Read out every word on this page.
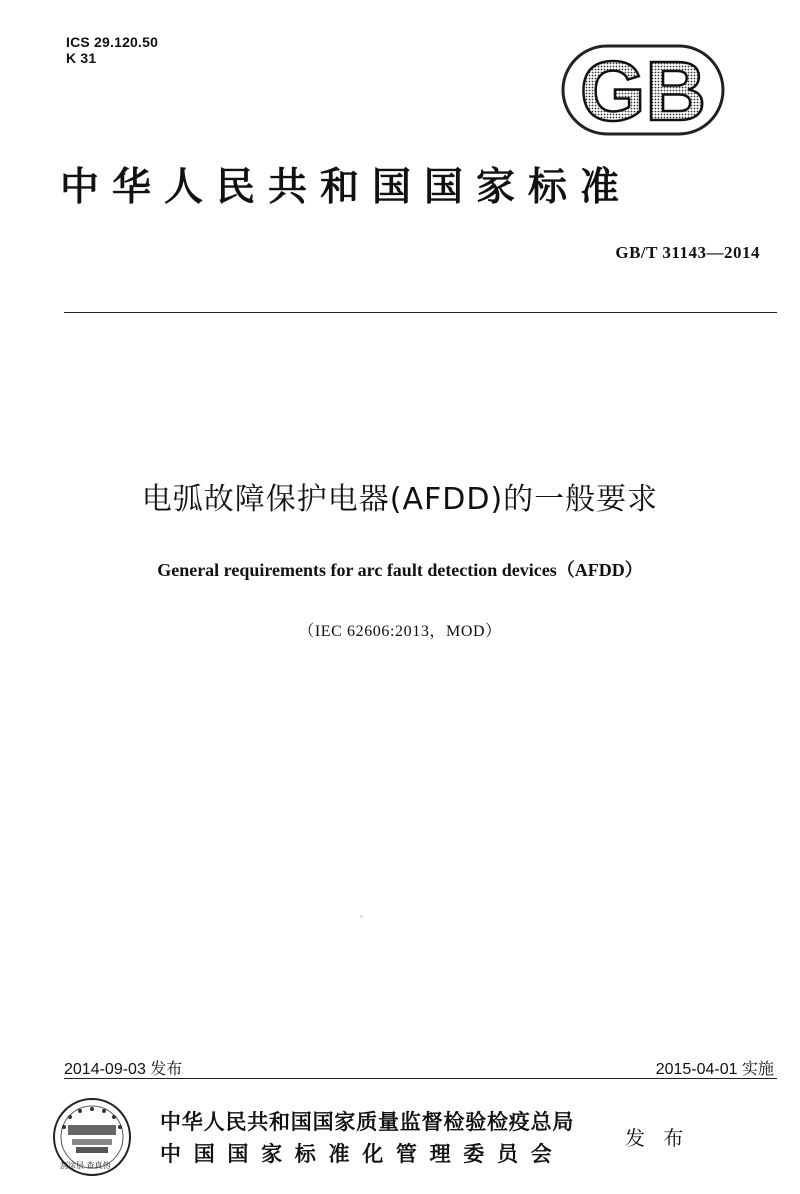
ICS 29.120.50
K 31	GB
中华人民共和国国家标准
GB/T 31143—2014
电弧故障保护电器(AFDD)的一般要求
General requirements for arc fault detection devices（AFDD）
（IEC 62606:2013，MOD）
2014-09-03 发布	2015-04-01 实施
刮涂层 查真伪
中华人民共和国国家质量监督检验检疫总局
中国国家标准化管理委员会
发 布
